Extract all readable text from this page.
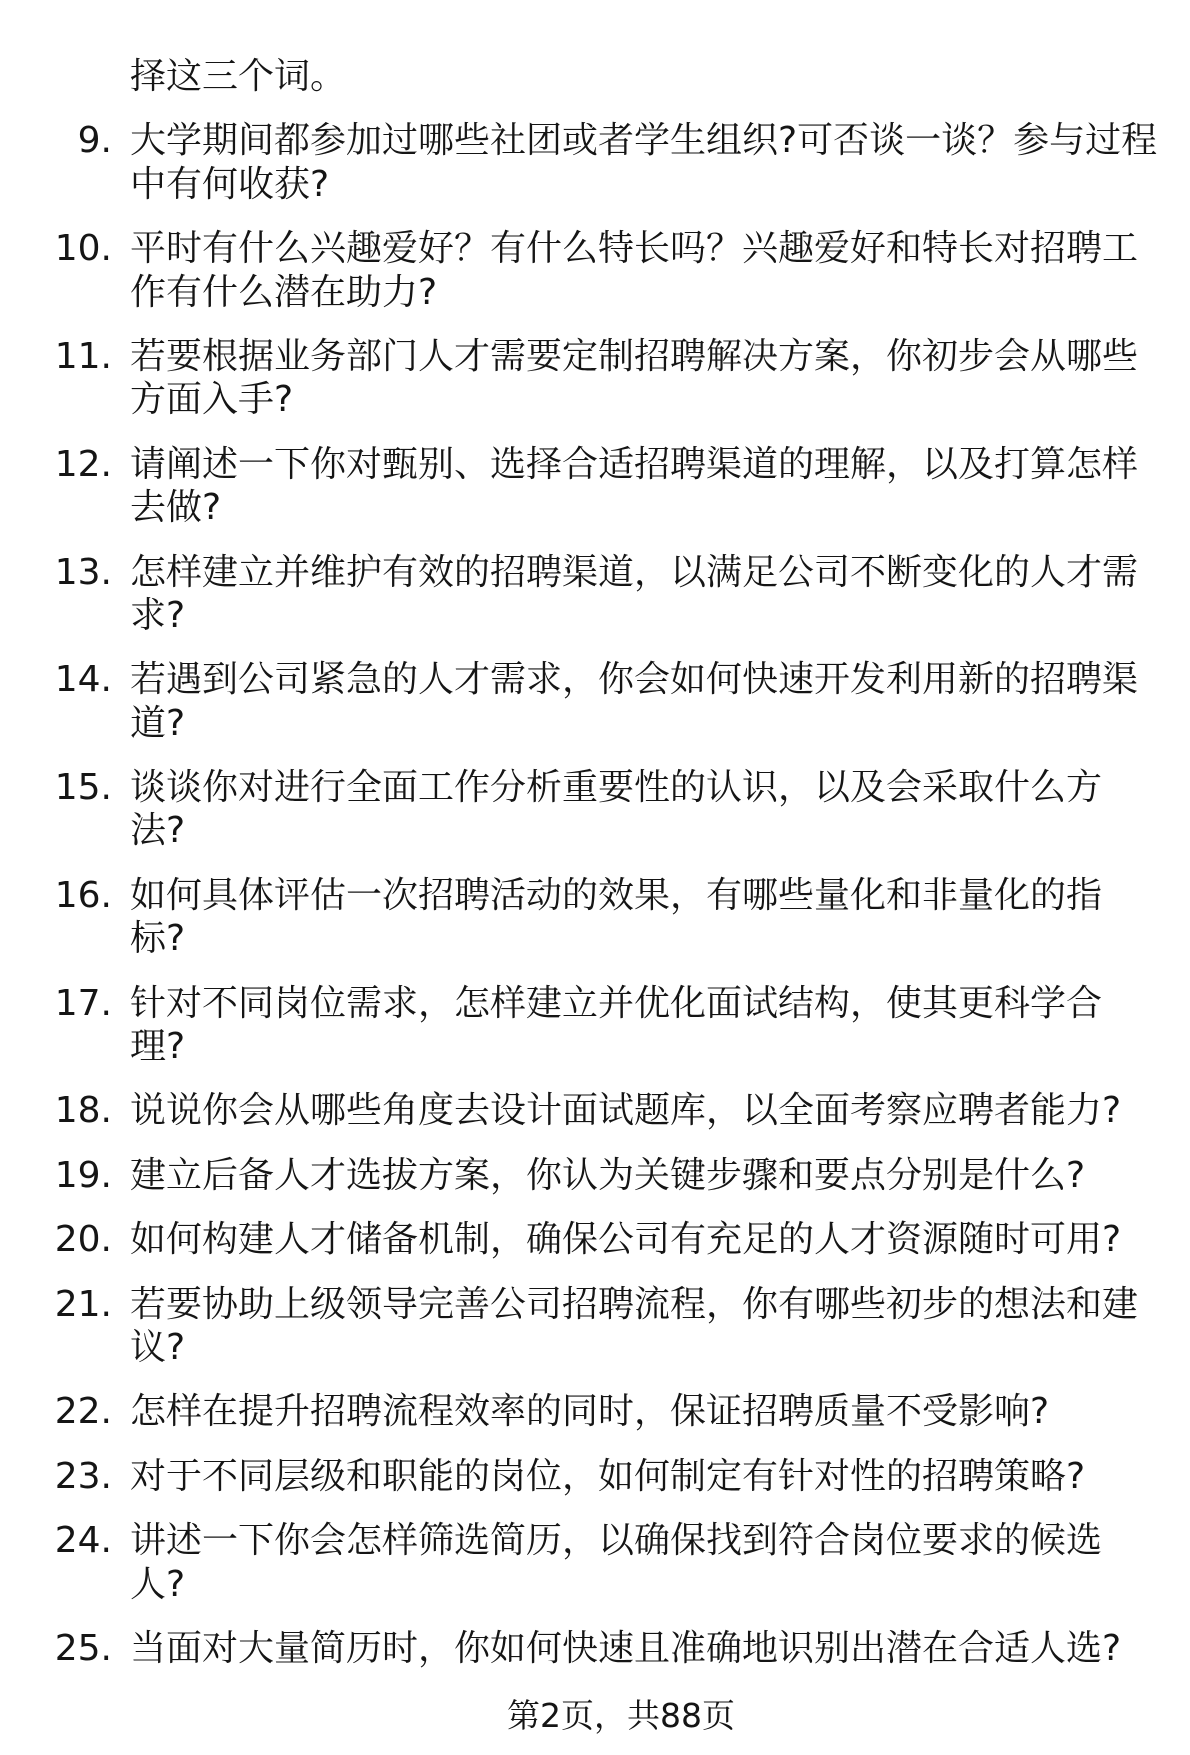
择这三个词。
9. 大学期间都参加过哪些社团或者学生组织?可否谈一谈？参与过程
中有何收获?
10. 平时有什么兴趣爱好？有什么特长吗？兴趣爱好和特长对招聘工
作有什么潜在助力?
11. 若要根据业务部门人才需要定制招聘解决方案，你初步会从哪些
方面入手?
12. 请阐述一下你对甄别、选择合适招聘渠道的理解，以及打算怎样
去做?
13. 怎样建立并维护有效的招聘渠道，以满足公司不断变化的人才需
求?
14. 若遇到公司紧急的人才需求，你会如何快速开发利用新的招聘渠
道?
15. 谈谈你对进行全面工作分析重要性的认识，以及会采取什么方
法?
16. 如何具体评估一次招聘活动的效果，有哪些量化和非量化的指
标?
17. 针对不同岗位需求，怎样建立并优化面试结构，使其更科学合
理?
18. 说说你会从哪些角度去设计面试题库，以全面考察应聘者能力?
19. 建立后备人才选拔方案，你认为关键步骤和要点分别是什么?
20. 如何构建人才储备机制，确保公司有充足的人才资源随时可用?
21. 若要协助上级领导完善公司招聘流程，你有哪些初步的想法和建
议?
22. 怎样在提升招聘流程效率的同时，保证招聘质量不受影响?
23. 对于不同层级和职能的岗位，如何制定有针对性的招聘策略?
24. 讲述一下你会怎样筛选简历，以确保找到符合岗位要求的候选
人?
25. 当面对大量简历时，你如何快速且准确地识别出潜在合适人选?
第2页，共88页
